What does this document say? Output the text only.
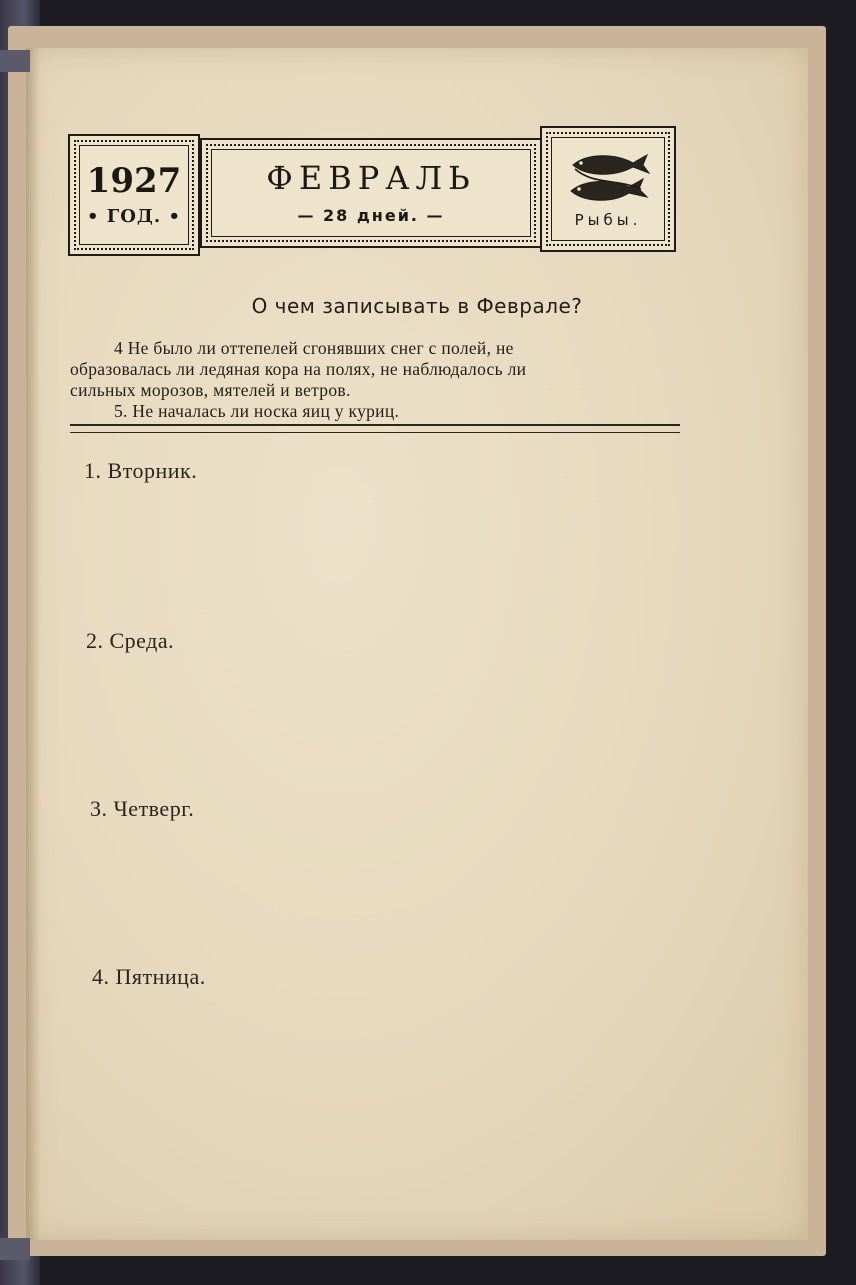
1927
• ГОД. •
ФЕВРАЛЬ
— 28 дней. —	Рыбы.
О чем записывать в Феврале?

4 Не было ли оттепелей сгонявших снег с полей, не

образовалась ли ледяная кора на полях, не наблюдалось ли

сильных морозов, мятелей и ветров.

5. Не началась ли носка яиц у куриц.

1. Вторник.
2. Среда.
3. Четверг.
4. Пятница.
